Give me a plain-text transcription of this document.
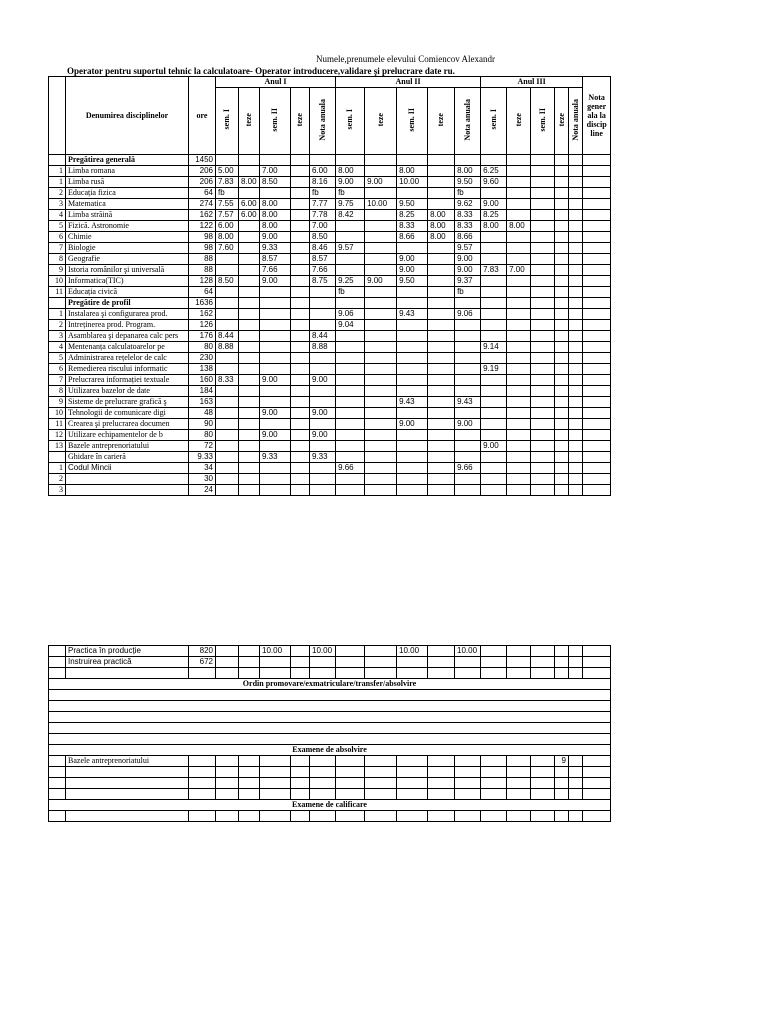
Numele,prenumele elevului Comiencov Alexandr
Operator pentru suportul tehnic la calculatoare- Operator introducere,validare şi prelucrare date ru.
	Denumirea disciplinelor	ore	Anul I					Anul II					Anul III					Nota gener ala la discip line
			sem. I	teze	sem. II	teze	Nota anuala	sem. I	teze	sem. II	teze	Nota anuala	sem. I	teze	sem. II	teze	Nota anuala	
	Pregătirea generală	1450																
1	Limba romana	206	5.00		7.00		6.00	8.00		8.00		8.00	6.25					
1	Limba rusă	206	7.83	8.00	8.50		8.16	9.00	9.00	10.00		9.50	9.60					
2	Educația fizica	64	fb				fb	fb				fb						
3	Matematica	274	7.55	6.00	8.00		7.77	9.75	10.00	9.50		9.62	9.00					
4	Limba străină	162	7.57	6.00	8.00		7.78	8.42		8.25	8.00	8.33	8.25					
5	Fizică. Astronomie	122	6.00		8.00		7.00			8.33	8.00	8.33	8.00	8.00				
6	Chimie	98	8.00		9.00		8.50			8.66	8.00	8.66						
7	Biologie	98	7.60		9.33		8.46	9.57				9.57						
8	Geografie	88			8.57		8.57			9.00		9.00						
9	Istoria românilor şi universală	88			7.66		7.66			9.00		9.00	7.83	7.00				
10	Informatica(TIC)	128	8.50		9.00		8.75	9.25	9.00	9.50		9.37						
11	Educația civică	64						fb				fb						
	Pregătire de profil	1636																
1	Instalarea şi configurarea prod.	162						9.06		9.43		9.06						
2	Intreținerea prod. Program.	126						9.04										
3	Asamblarea şi depanarea calc pers	176	8.44				8.44											
4	Mentenanța calculatoarelor pe	80	8.88				8.88						9.14					
5	Administrarea rețelelor de calc	230																
6	Remedierea riscului informatic	138											9.19					
7	Prelucrarea informației textuale	160	8.33		9.00		9.00											
8	Utilizarea bazelor de date	184																
9	Sisteme de prelucrare grafică ş	163								9.43		9.43						
10	Tehnologii de comunicare digi	48			9.00		9.00											
11	Crearea şi prelucrarea documen	90								9.00		9.00						
12	Utilizare echipamentelor de b	80			9.00		9.00											
13	Bazele antreprenoriatului	72											9.00					
	Ghidare în carieră	9.33			9.33		9.33											
1	Codul Mincii	34						9.66				9.66						
2		30																
3		24																
	Practica în producție	820			10.00		10.00			10.00		10.00						
	Instruirea practică	672																

Ordin promovare/exmatriculare/transfer/absolvire																		

Examene de absolvire																		
	Bazele antreprenoriatului															9		

Examene de calificare																		
